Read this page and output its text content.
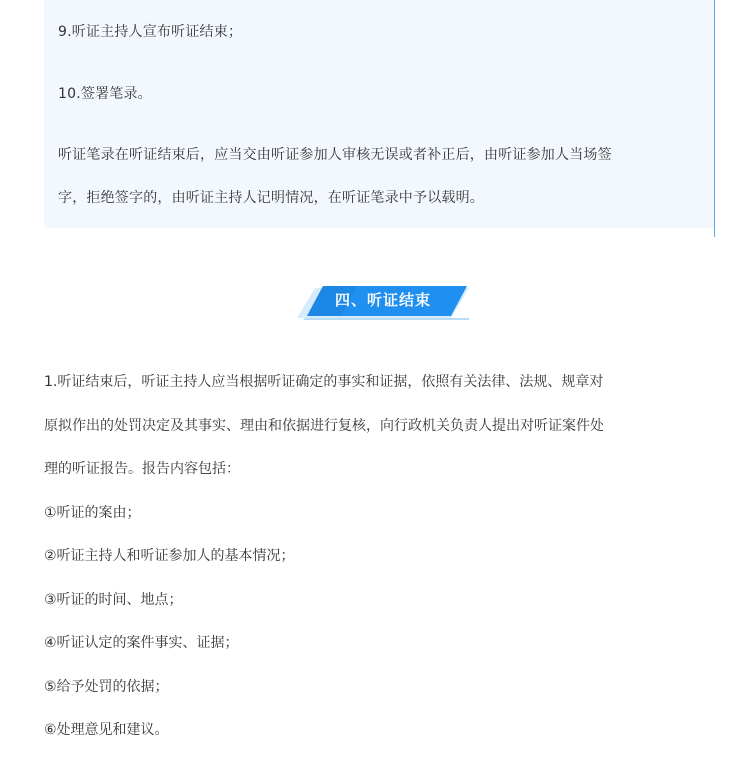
9.听证主持人宣布听证结束；
10.签署笔录。
听证笔录在听证结束后，应当交由听证参加人审核无误或者补正后，由听证参加人当场签
字，拒绝签字的，由听证主持人记明情况，在听证笔录中予以载明。
四、听证结束
1.听证结束后，听证主持人应当根据听证确定的事实和证据，依照有关法律、法规、规章对
原拟作出的处罚决定及其事实、理由和依据进行复核，向行政机关负责人提出对听证案件处
理的听证报告。报告内容包括：
①听证的案由；
②听证主持人和听证参加人的基本情况；
③听证的时间、地点；
④听证认定的案件事实、证据；
⑤给予处罚的依据；
⑥处理意见和建议。
